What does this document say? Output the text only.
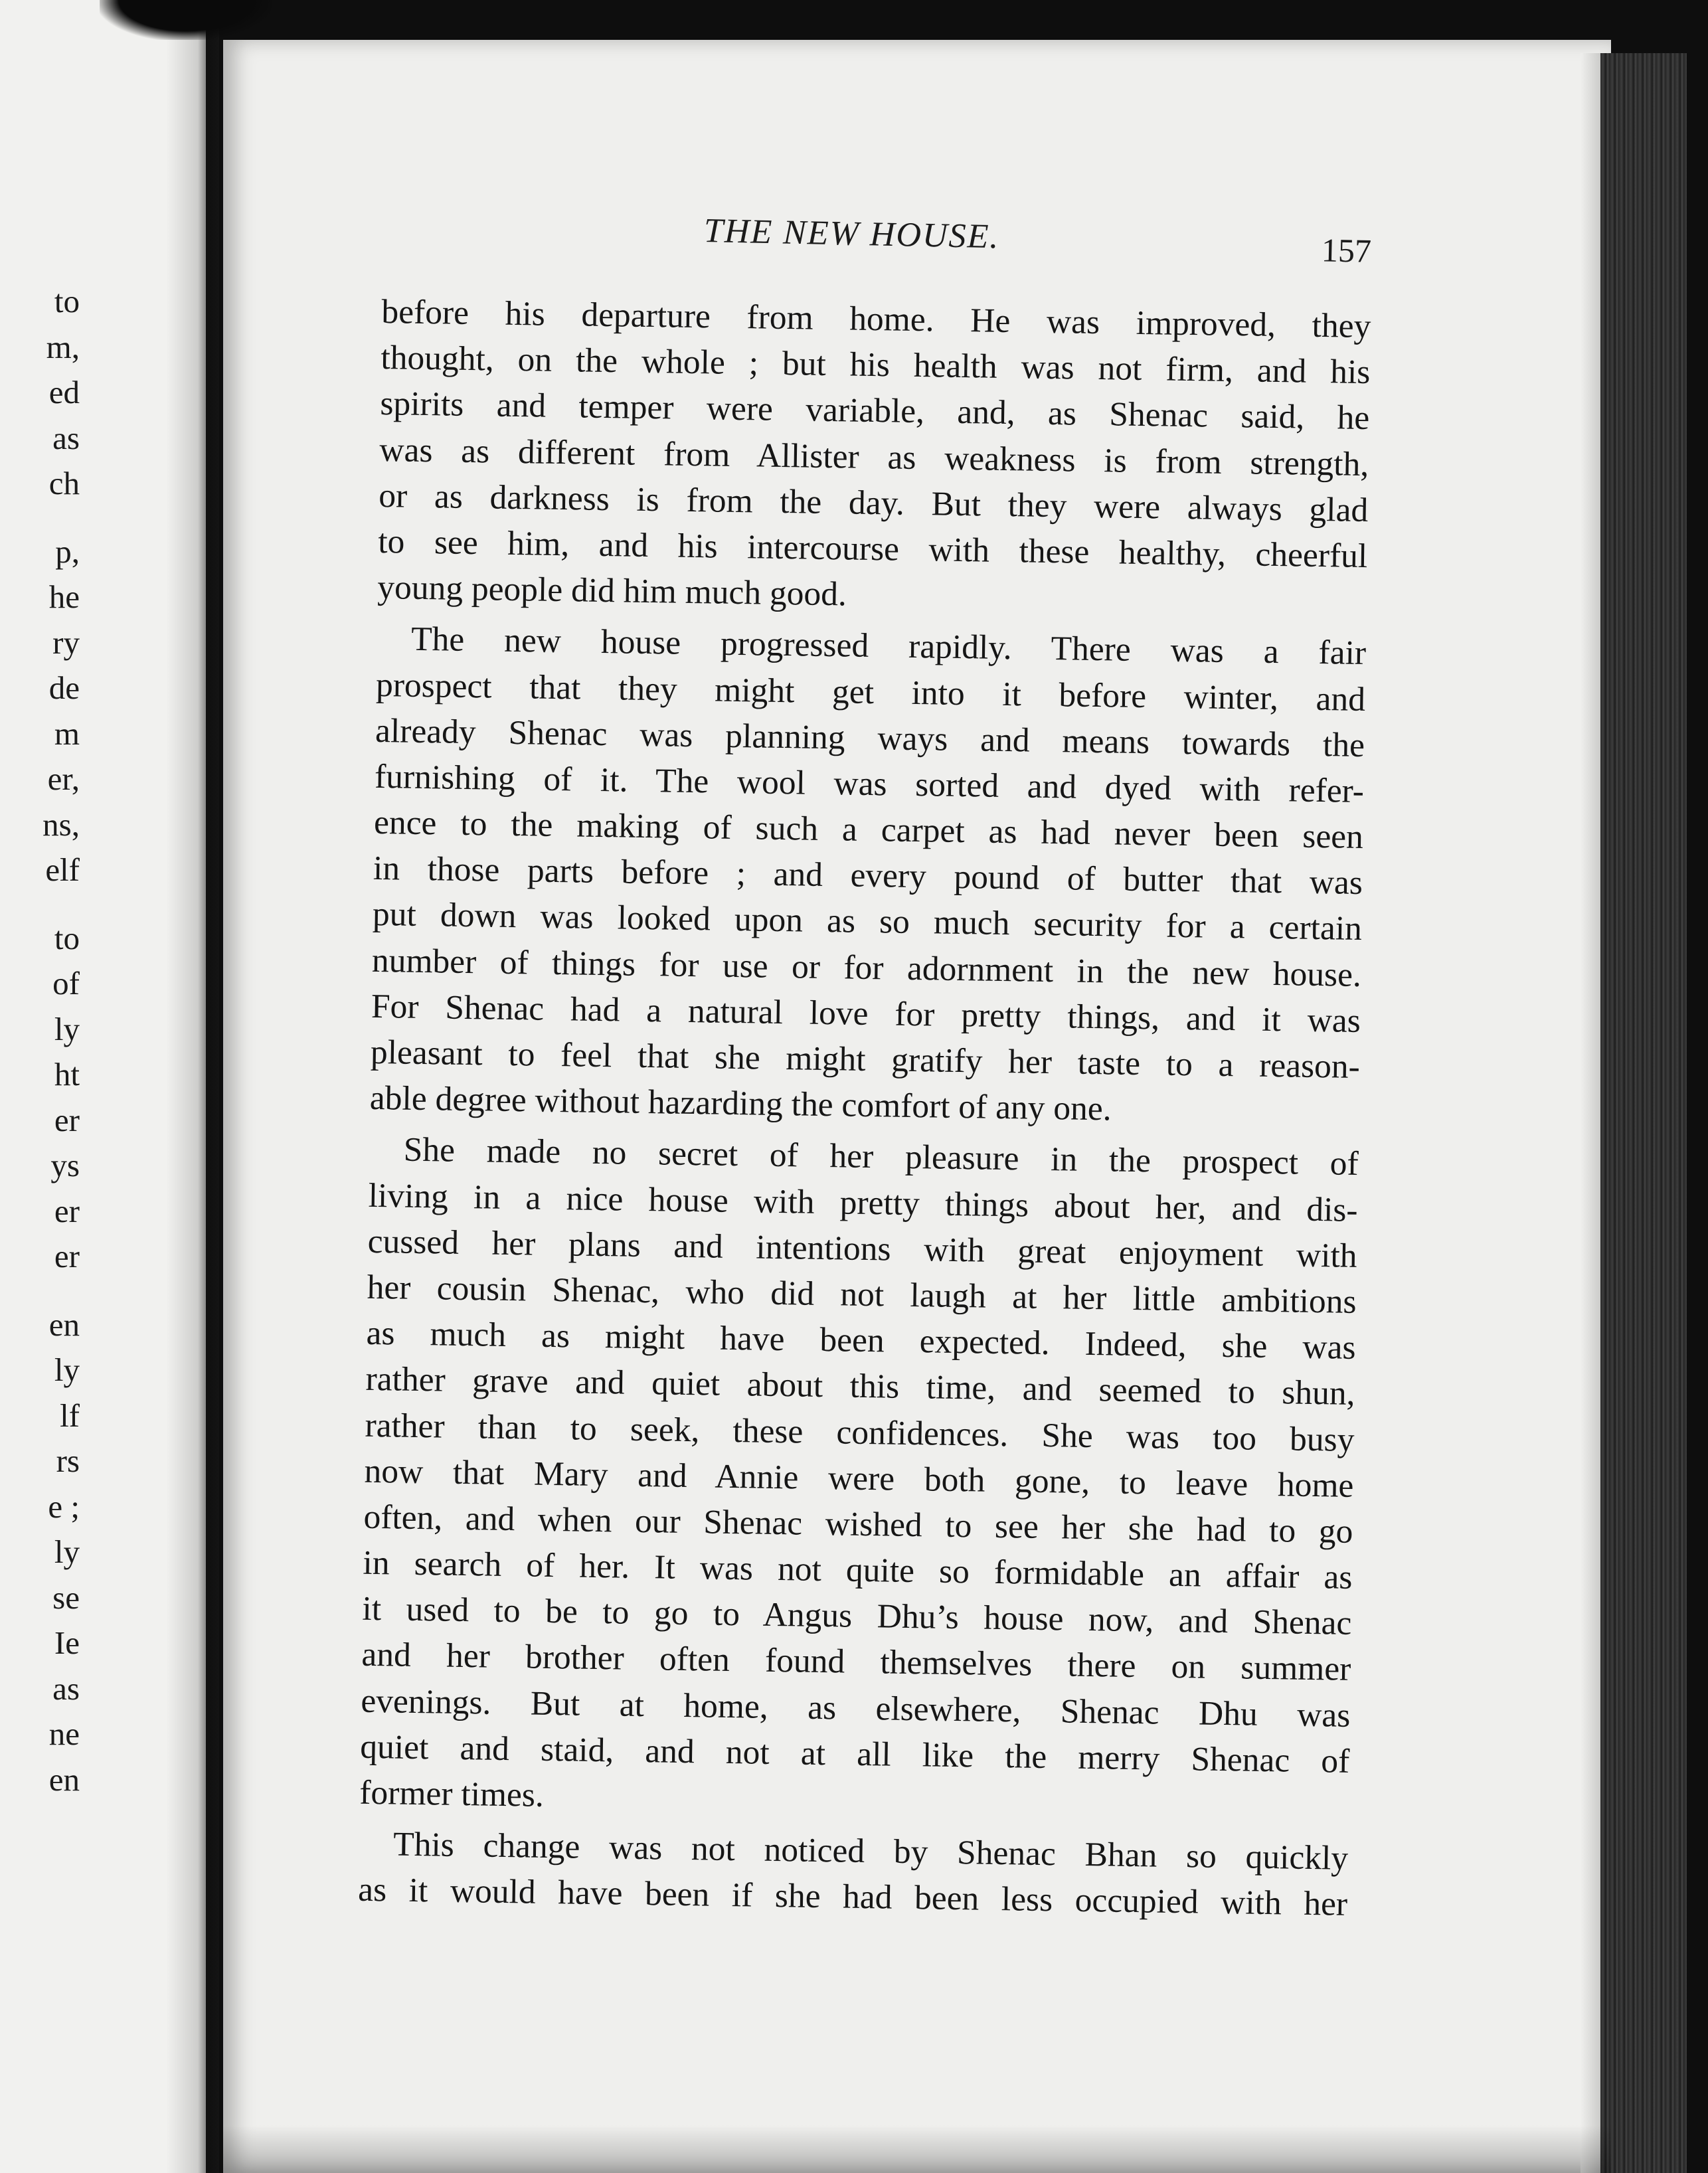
to
m,
ed
as
ch
p,
he
ry
de
m
er,
ns,
elf
to
of
ly
ht
er
ys
er
er
en
ly
lf
rs
e ;
ly
se
Ie
as
ne
en
THE NEW HOUSE.	157
before his departure from home. He was improved, they
thought, on the whole ; but his health was not firm, and his
spirits and temper were variable, and, as Shenac said, he
was as different from Allister as weakness is from strength,
or as darkness is from the day. But they were always glad
to see him, and his intercourse with these healthy, cheerful
young people did him much good.
The new house progressed rapidly. There was a fair
prospect that they might get into it before winter, and
already Shenac was planning ways and means towards the
furnishing of it. The wool was sorted and dyed with refer-
ence to the making of such a carpet as had never been seen
in those parts before ; and every pound of butter that was
put down was looked upon as so much security for a certain
number of things for use or for adornment in the new house.
For Shenac had a natural love for pretty things, and it was
pleasant to feel that she might gratify her taste to a reason-
able degree without hazarding the comfort of any one.
She made no secret of her pleasure in the prospect of
living in a nice house with pretty things about her, and dis-
cussed her plans and intentions with great enjoyment with
her cousin Shenac, who did not laugh at her little ambitions
as much as might have been expected. Indeed, she was
rather grave and quiet about this time, and seemed to shun,
rather than to seek, these confidences. She was too busy
now that Mary and Annie were both gone, to leave home
often, and when our Shenac wished to see her she had to go
in search of her. It was not quite so formidable an affair as
it used to be to go to Angus Dhu’s house now, and Shenac
and her brother often found themselves there on summer
evenings. But at home, as elsewhere, Shenac Dhu was
quiet and staid, and not at all like the merry Shenac of
former times.
This change was not noticed by Shenac Bhan so quickly
as it would have been if she had been less occupied with her
